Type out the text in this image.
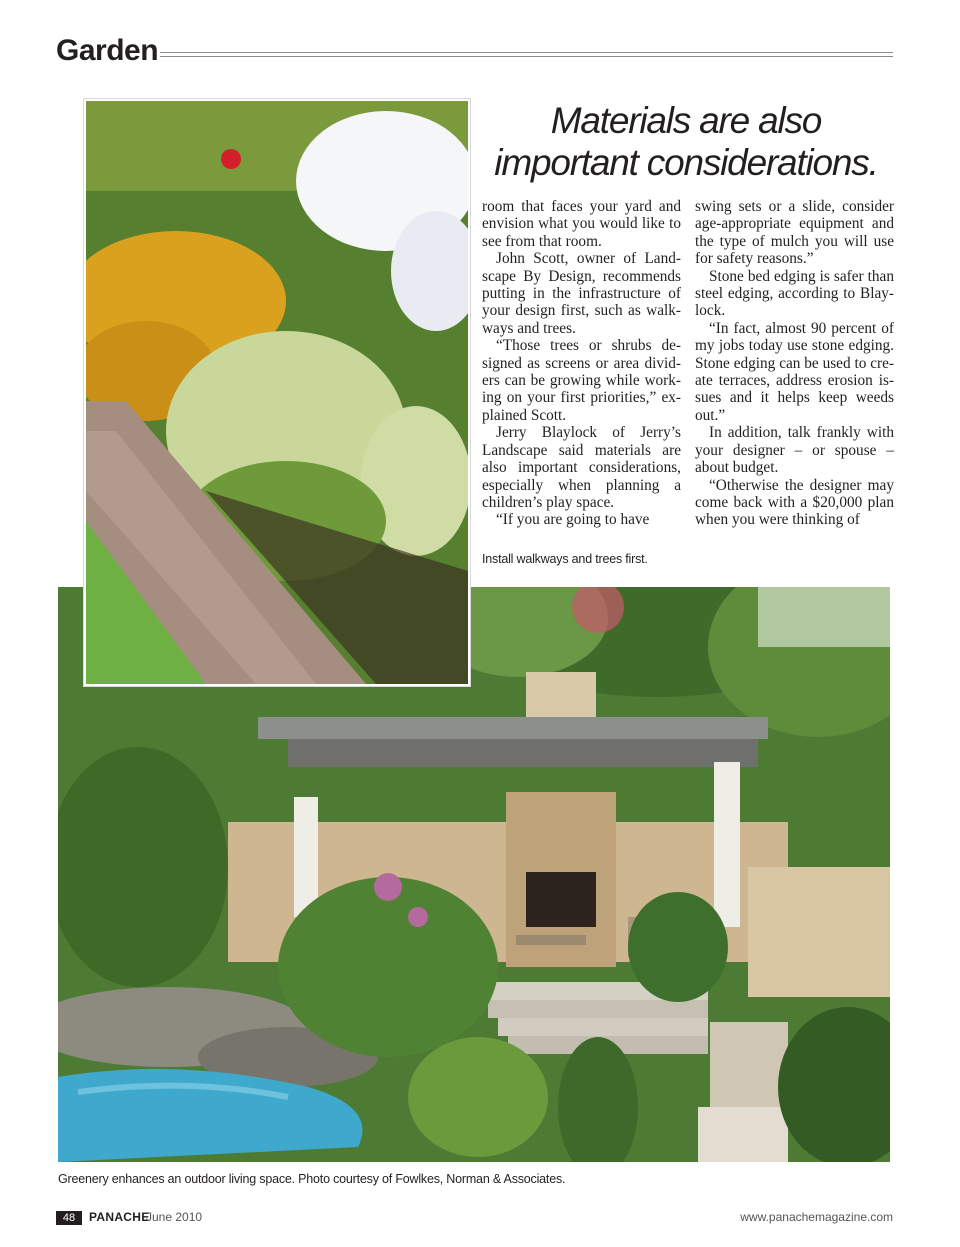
Garden
Materials are also
important considerations.

room that faces your yard and envision what you would like to see from that room.

John Scott, owner of Land-scape By Design, recommends putting in the infrastructure of your design first, such as walk-ways and trees.

“Those trees or shrubs de-signed as screens or area divid-ers can be growing while work-ing on your first priorities,” ex-plained Scott.

Jerry Blaylock of Jerry’s Landscape said materials are also important considerations, especially when planning a children’s play space.

“If you are going to have

swing sets or a slide, consider age-appropriate equipment and the type of mulch you will use for safety reasons.”

Stone bed edging is safer than steel edging, according to Blay-lock.

“In fact, almost 90 percent of my jobs today use stone edging. Stone edging can be used to cre-ate terraces, address erosion is-sues and it helps keep weeds out.”

In addition, talk frankly with your designer – or spouse – about budget.

“Otherwise the designer may come back with a $20,000 plan when you were thinking of

Install walkways and trees first.
Greenery enhances an outdoor living space. Photo courtesy of Fowlkes, Norman & Associates.
48	PANACHE
June 2010	www.panachemagazine.com
